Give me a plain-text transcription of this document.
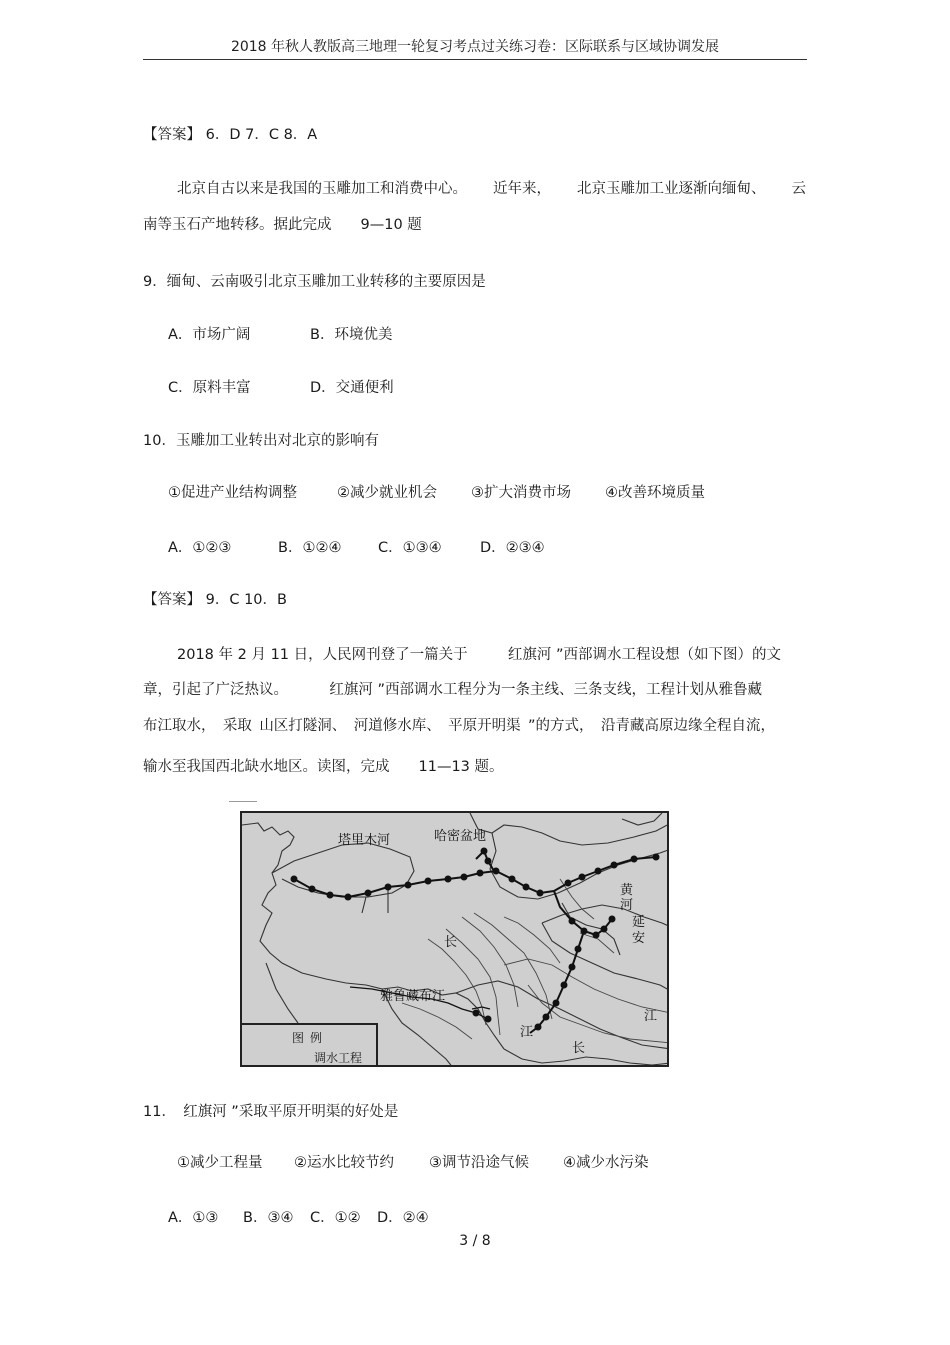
2018 年秋人教版高三地理一轮复习考点过关练习卷：区际联系与区域协调发展
【答案】 6．D 7．C 8．A
北京自古以来是我国的玉雕加工和消费中心。 近年来， 北京玉雕加工业逐渐向缅甸、 云
南等玉石产地转移。据此完成　　9—10 题
9．缅甸、云南吸引北京玉雕加工业转移的主要原因是
A．市场广阔	B．环境优美
C．原料丰富	D．交通便利
10．玉雕加工业转出对北京的影响有
①促进产业结构调整	②减少就业机会 ③扩大消费市场 ④改善环境质量
A．①②③	B．①②④	C．①③④	D．②③④
【答案】 9．C 10．B
2018 年 2 月 11 日，人民网刊登了一篇关于	红旗河 ”西部调水工程设想（如下图）的文
章，引起了广泛热议。	红旗河 ”西部调水工程分为一条主线、三条支线，工程计划从雅鲁藏
布江取水， 采取 山区打隧洞、 河道修水库、 平原开明渠 ”的方式， 沿青藏高原边缘全程自流，
输水至我国西北缺水地区。读图，完成　　11—13 题。
塔里木河	哈密盆地
黄河
延
安
长
雅鲁藏布江
江
江
长
图例
调水工程
11．　红旗河 ”采取平原开明渠的好处是
①减少工程量 ②运水比较节约 ③调节沿途气候 ④减少水污染
A．①③ B．③④ C．①② D．②④
3 / 8
